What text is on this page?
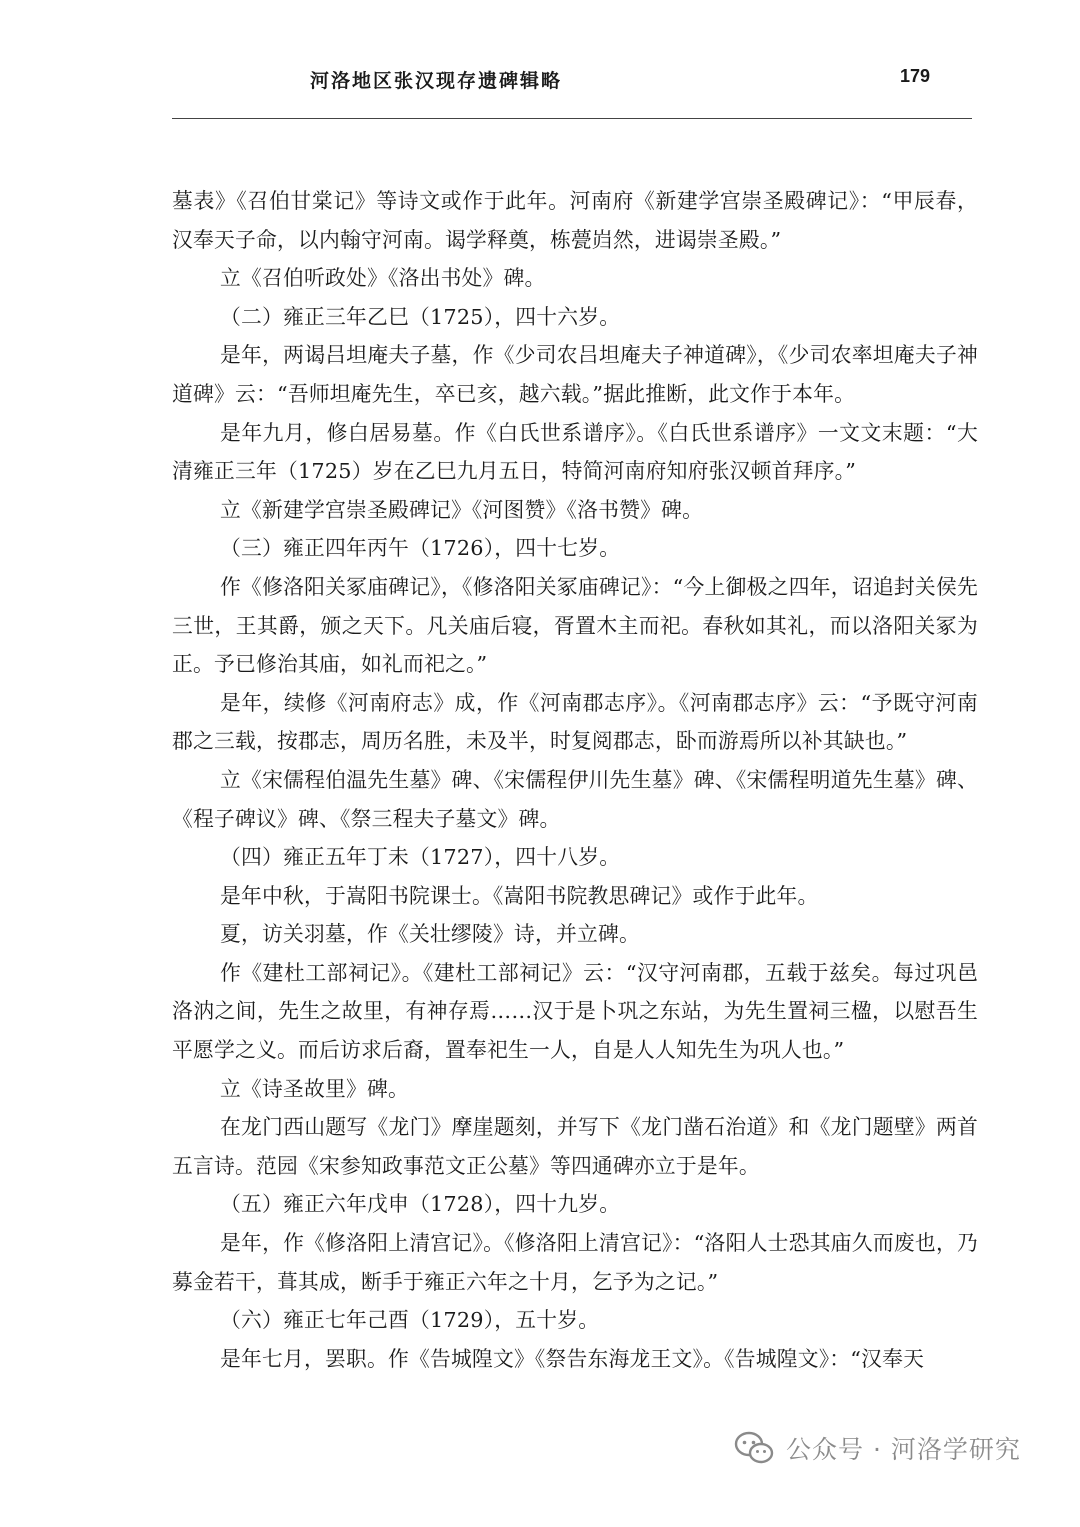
河洛地区张汉现存遗碑辑略	179

墓表》《召伯甘棠记》等诗文或作于此年。河南府《新建学宫崇圣殿碑记》：“甲辰春，汉奉天子命，以内翰守河南。谒学释奠，栋甍岿然，进谒崇圣殿。”

立《召伯听政处》《洛出书处》碑。

（二）雍正三年乙巳（1725），四十六岁。

是年，两谒吕坦庵夫子墓，作《少司农吕坦庵夫子神道碑》，《少司农率坦庵夫子神道碑》云：“吾师坦庵先生，卒已亥，越六载。”据此推断，此文作于本年。

是年九月，修白居易墓。作《白氏世系谱序》。《白氏世系谱序》一文文末题：“大清雍正三年（1725）岁在乙巳九月五日，特简河南府知府张汉顿首拜序。”

立《新建学宫崇圣殿碑记》《河图赞》《洛书赞》碑。

（三）雍正四年丙午（1726），四十七岁。

作《修洛阳关冢庙碑记》，《修洛阳关冢庙碑记》：“今上御极之四年，诏追封关侯先三世，王其爵，颁之天下。凡关庙后寝，胥置木主而祀。春秋如其礼，而以洛阳关冢为正。予已修治其庙，如礼而祀之。”

是年，续修《河南府志》成，作《河南郡志序》。《河南郡志序》云：“予既守河南郡之三载，按郡志，周历名胜，未及半，时复阅郡志，卧而游焉所以补其缺也。”

立《宋儒程伯温先生墓》碑、《宋儒程伊川先生墓》碑、《宋儒程明道先生墓》碑、《程子碑议》碑、《祭三程夫子墓文》碑。

（四）雍正五年丁未（1727），四十八岁。

是年中秋，于嵩阳书院课士。《嵩阳书院教思碑记》或作于此年。

夏，访关羽墓，作《关壮缪陵》诗，并立碑。

作《建杜工部祠记》。《建杜工部祠记》云：“汉守河南郡，五载于兹矣。每过巩邑洛汭之间，先生之故里，有神存焉……汉于是卜巩之东站，为先生置祠三楹，以慰吾生平愿学之义。而后访求后裔，置奉祀生一人，自是人人知先生为巩人也。”

立《诗圣故里》碑。

在龙门西山题写《龙门》摩崖题刻，并写下《龙门凿石治道》和《龙门题壁》两首五言诗。范园《宋参知政事范文正公墓》等四通碑亦立于是年。

（五）雍正六年戊申（1728），四十九岁。

是年，作《修洛阳上清宫记》。《修洛阳上清宫记》：“洛阳人士恐其庙久而废也，乃募金若干，葺其成，断手于雍正六年之十月，乞予为之记。”

（六）雍正七年己酉（1729），五十岁。

是年七月，罢职。作《告城隍文》《祭告东海龙王文》。《告城隍文》：“汉奉天

公众号 · 河洛学研究
